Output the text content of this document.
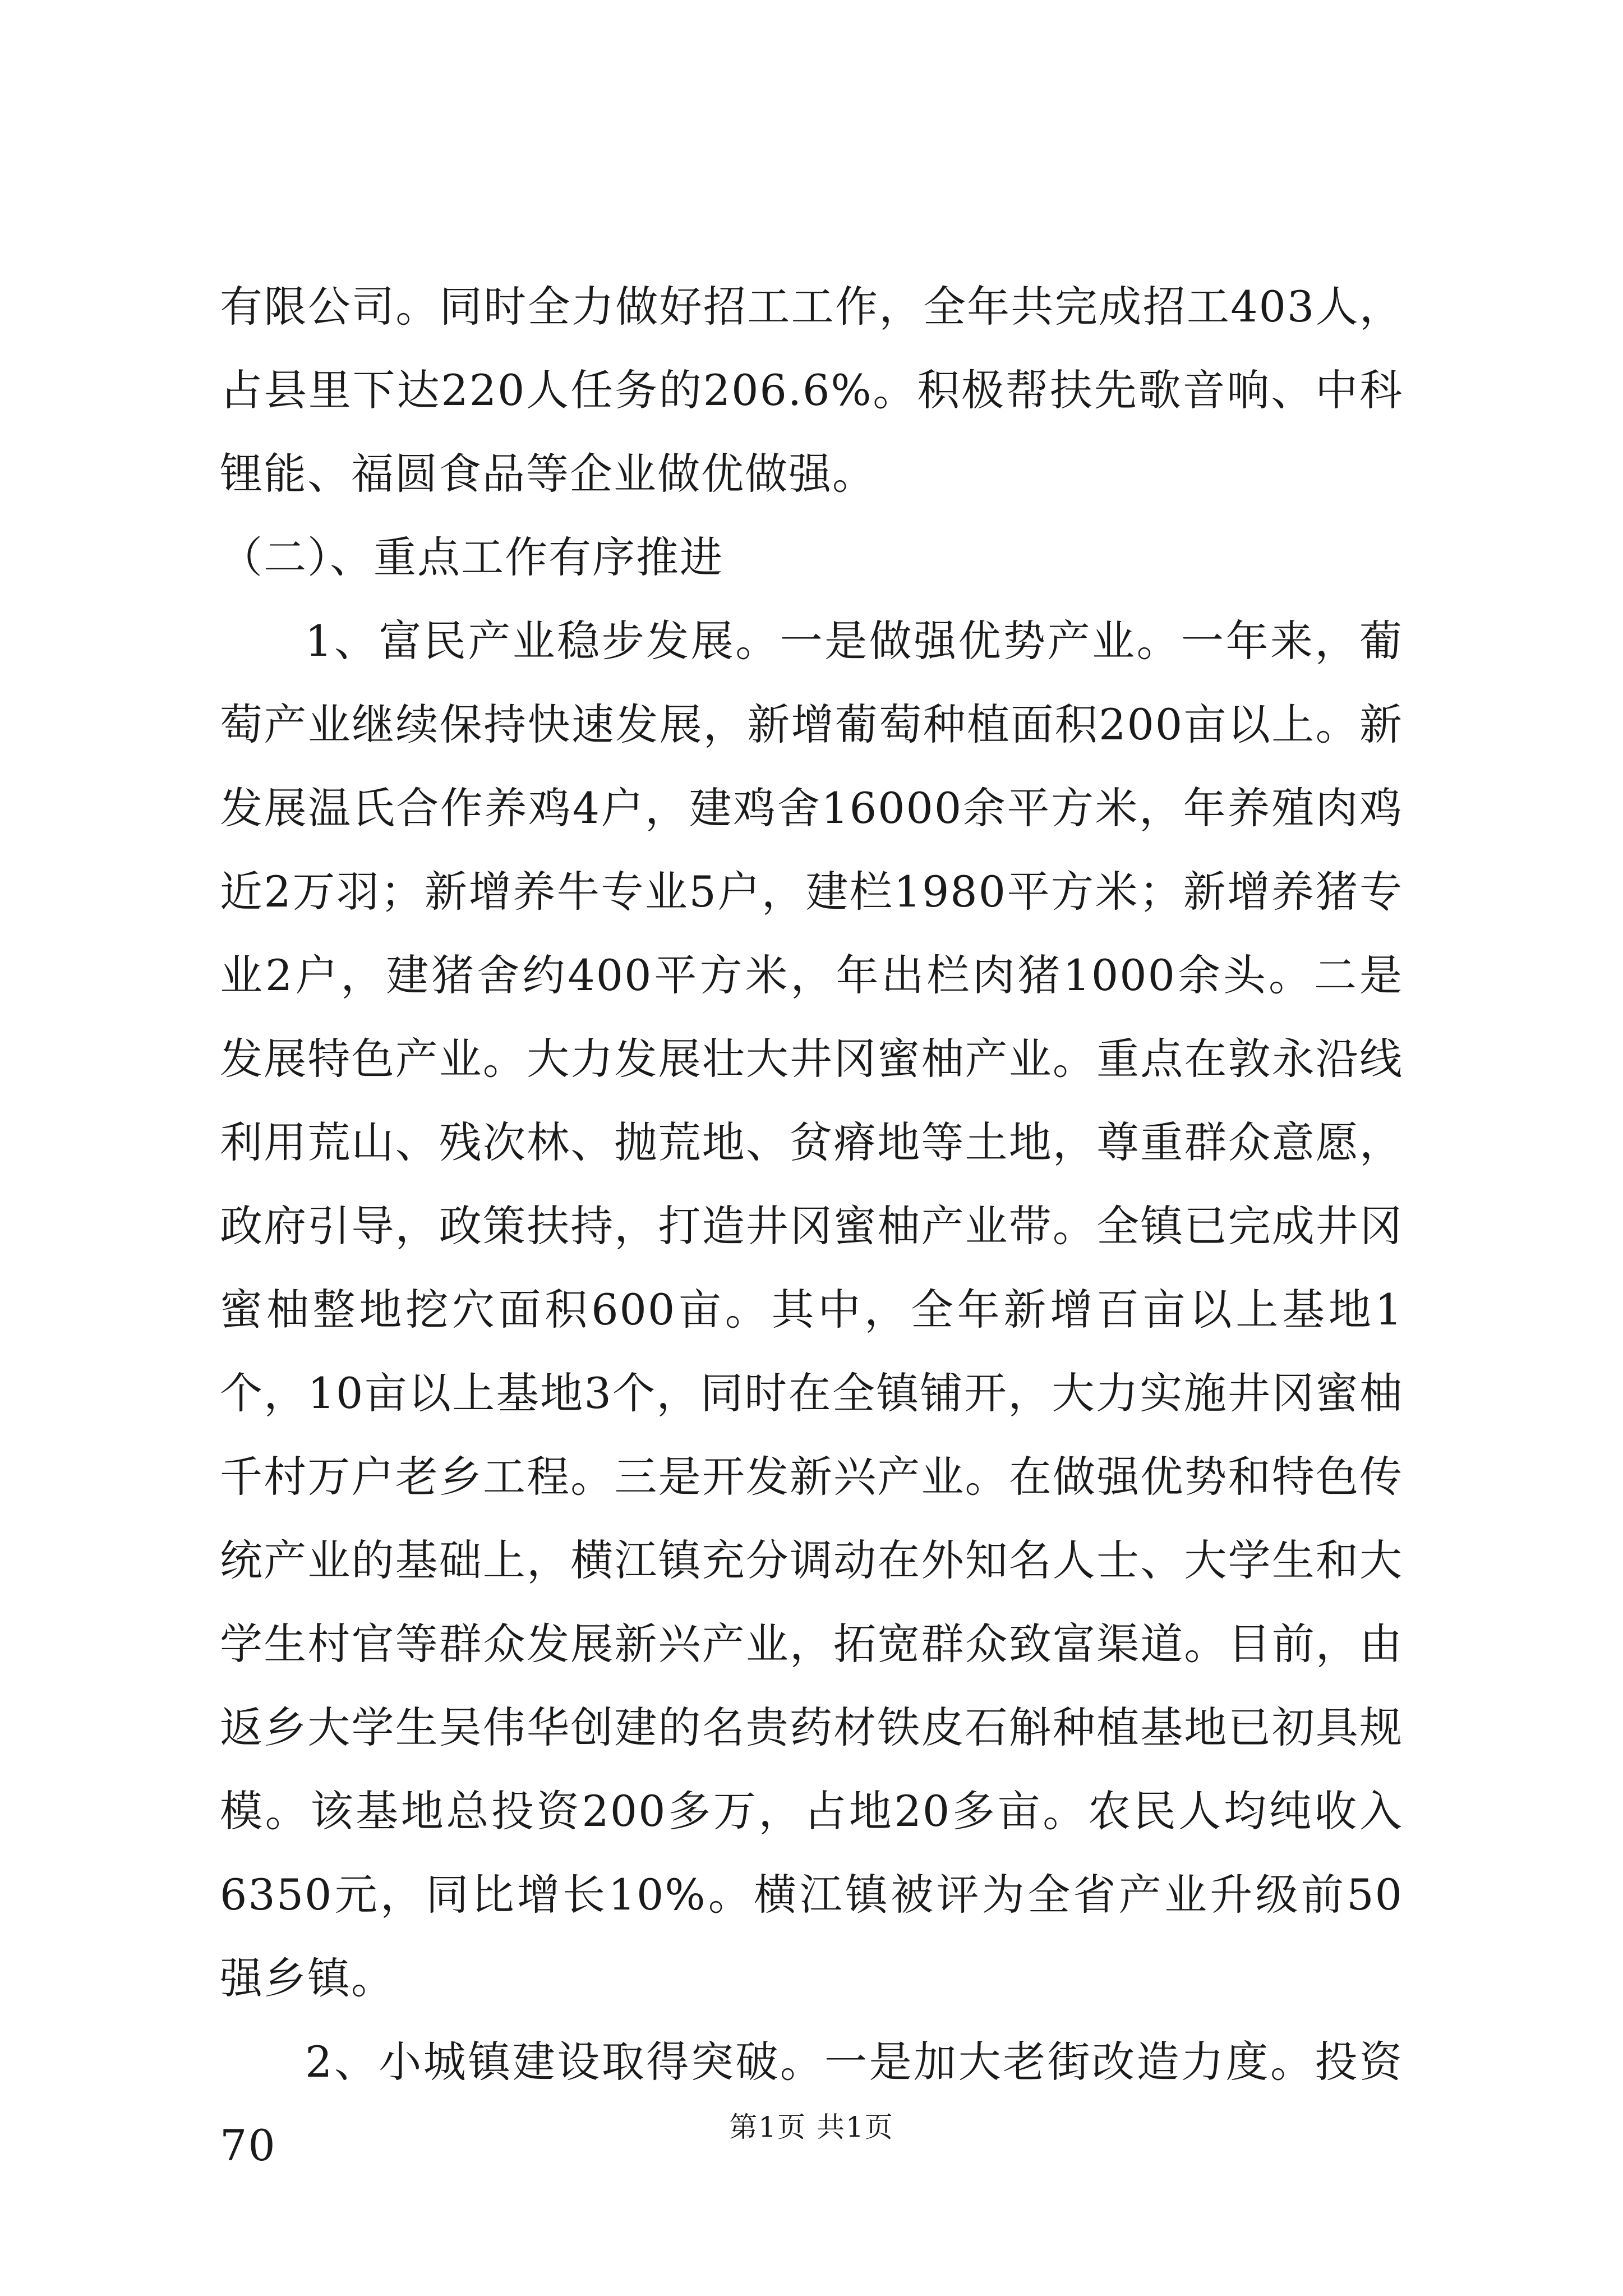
有限公司。同时全力做好招工工作，全年共完成招工403人，占县里下达220人任务的206.6%。积极帮扶先歌音响、中科锂能、福圆食品等企业做优做强。

（二）、重点工作有序推进

1、富民产业稳步发展。一是做强优势产业。一年来，葡萄产业继续保持快速发展，新增葡萄种植面积200亩以上。新发展温氏合作养鸡4户，建鸡舍16000余平方米，年养殖肉鸡近2万羽；新增养牛专业5户，建栏1980平方米；新增养猪专业2户，建猪舍约400平方米，年出栏肉猪1000余头。二是发展特色产业。大力发展壮大井冈蜜柚产业。重点在敦永沿线利用荒山、残次林、抛荒地、贫瘠地等土地，尊重群众意愿，政府引导，政策扶持，打造井冈蜜柚产业带。全镇已完成井冈蜜柚整地挖穴面积600亩。其中，全年新增百亩以上基地1个，10亩以上基地3个，同时在全镇铺开，大力实施井冈蜜柚千村万户老乡工程。三是开发新兴产业。在做强优势和特色传统产业的基础上，横江镇充分调动在外知名人士、大学生和大学生村官等群众发展新兴产业，拓宽群众致富渠道。目前，由返乡大学生吴伟华创建的名贵药材铁皮石斛种植基地已初具规模。该基地总投资200多万，占地20多亩。农民人均纯收入6350元，同比增长10%。横江镇被评为全省产业升级前50强乡镇。

2、小城镇建设取得突破。一是加大老街改造力度。投资70	第1页 共1页
